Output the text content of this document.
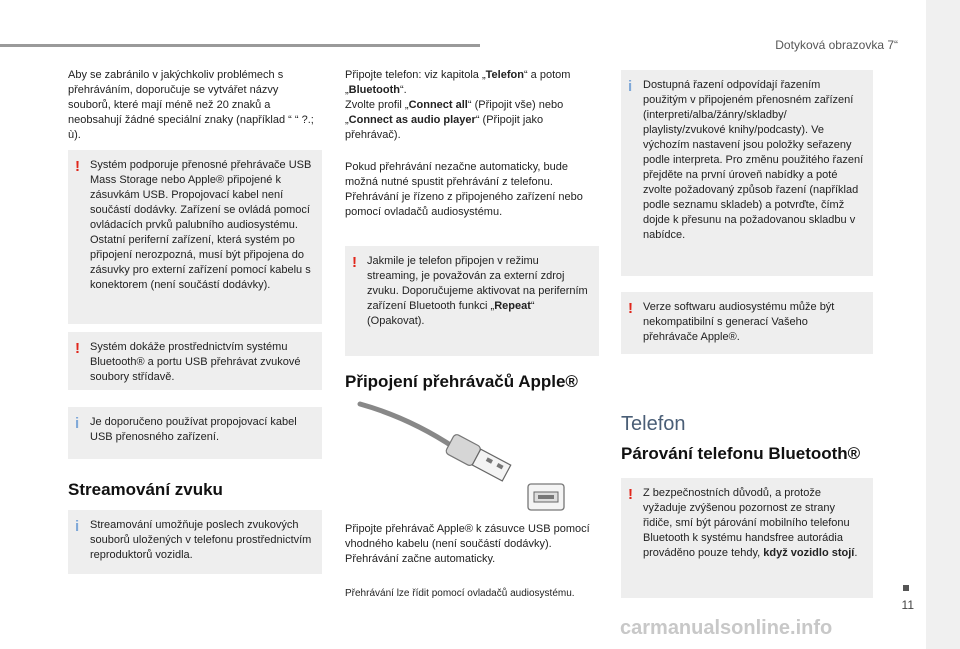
Dotyková obrazovka 7“

Aby se zabránilo v jakýchkoliv problémech s přehráváním, doporučuje se vytvářet názvy souborů, které mají méně než 20 znaků a neobsahují žádné speciální znaky (například “ “ ?.; ù).

! Systém podporuje přenosné přehrávače USB Mass Storage nebo Apple® připojené k zásuvkám USB. Propojovací kabel není součástí dodávky. Zařízení se ovládá pomocí ovládacích prvků palubního audiosystému. Ostatní periferní zařízení, která systém po připojení nerozpozná, musí být připojena do zásuvky pro externí zařízení pomocí kabelu s konektorem (není součástí dodávky).
! Systém dokáže prostřednictvím systému Bluetooth® a portu USB přehrávat zvukové soubory střídavě.
i Je doporučeno používat propojovací kabel USB přenosného zařízení.
Streamování zvuku
i Streamování umožňuje poslech zvukových souborů uložených v telefonu prostřednictvím reproduktorů vozidla.

Připojte telefon: viz kapitola „Telefon“ a potom „Bluetooth“.
Zvolte profil „Connect all“ (Připojit vše) nebo „Connect as audio player“ (Připojit jako přehrávač).

Pokud přehrávání nezačne automaticky, bude možná nutné spustit přehrávání z telefonu. Přehrávání je řízeno z připojeného zařízení nebo pomocí ovladačů audiosystému.

! Jakmile je telefon připojen v režimu streaming, je považován za externí zdroj zvuku. Doporučujeme aktivovat na periferním zařízení Bluetooth funkci „Repeat“ (Opakovat).
Připojení přehrávačů Apple®

Připojte přehrávač Apple® k zásuvce USB pomocí vhodného kabelu (není součástí dodávky). Přehrávání začne automaticky.

Přehrávání lze řídit pomocí ovladačů audiosystému.

i Dostupná řazení odpovídají řazením použitým v připojeném přenosném zařízení (interpreti/alba/žánry/skladby/ playlisty/zvukové knihy/podcasty). Ve výchozím nastavení jsou položky seřazeny podle interpreta. Pro změnu použitého řazení přejděte na první úroveň nabídky a poté zvolte požadovaný způsob řazení (například podle seznamu skladeb) a potvrďte, čímž dojde k přesunu na požadovanou skladbu v nabídce.
! Verze softwaru audiosystému může být nekompatibilní s generací Vašeho přehrávače Apple®.
Telefon
Párování telefonu Bluetooth®
! Z bezpečnostních důvodů, a protože vyžaduje zvýšenou pozornost ze strany řidiče, smí být párování mobilního telefonu Bluetooth k systému handsfree autorádia prováděno pouze tehdy, když vozidlo stojí.
11
carmanualsonline.info
